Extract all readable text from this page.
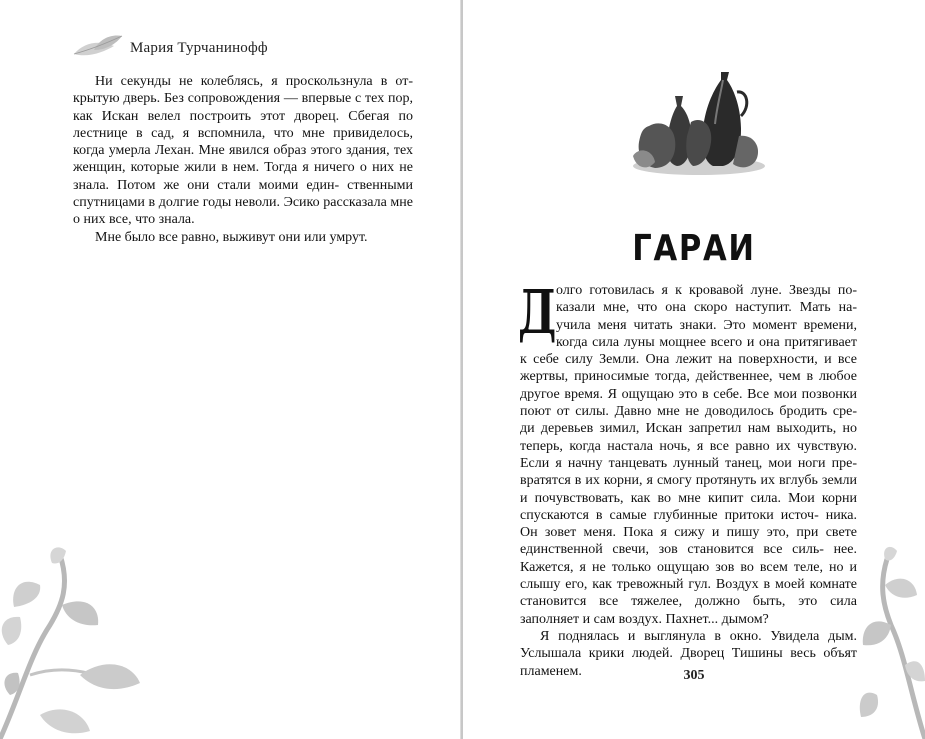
Мария Турчанинофф

Ни секунды не колеблясь, я проскользнула в от- крытую дверь. Без сопровождения — впервые с тех пор, как Искан велел построить этот дворец. Сбегая по лестнице в сад, я вспомнила, что мне привиделось, когда умерла Лехан. Мне явился образ этого здания, тех женщин, которые жили в нем. Тогда я ничего о них не знала. Потом же они стали моими един- ственными спутницами в долгие годы неволи. Эсико рассказала мне о них все, что знала.

Мне было все равно, выживут они или умрут.	ГАРАИ

Долго готовилась я к кровавой луне. Звезды по- казали мне, что она скоро наступит. Мать на- учила меня читать знаки. Это момент времени, когда сила луны мощнее всего и она притягивает к себе силу Земли. Она лежит на поверхности, и все жертвы, приносимые тогда, действеннее, чем в любое другое время. Я ощущаю это в себе. Все мои позвонки поют от силы. Давно мне не доводилось бродить сре- ди деревьев зимил, Искан запретил нам выходить, но теперь, когда настала ночь, я все равно их чувствую. Если я начну танцевать лунный танец, мои ноги пре- вратятся в их корни, я смогу протянуть их вглубь земли и почувствовать, как во мне кипит сила. Мои корни спускаются в самые глубинные притоки источ- ника. Он зовет меня. Пока я сижу и пишу это, при свете единственной свечи, зов становится все силь- нее. Кажется, я не только ощущаю зов во всем теле, но и слышу его, как тревожный гул. Воздух в моей комнате становится все тяжелее, должно быть, это сила заполняет и сам воздух. Пахнет... дымом?

Я поднялась и выглянула в окно. Увидела дым. Услышала крики людей. Дворец Тишины весь объят пламенем.	305
